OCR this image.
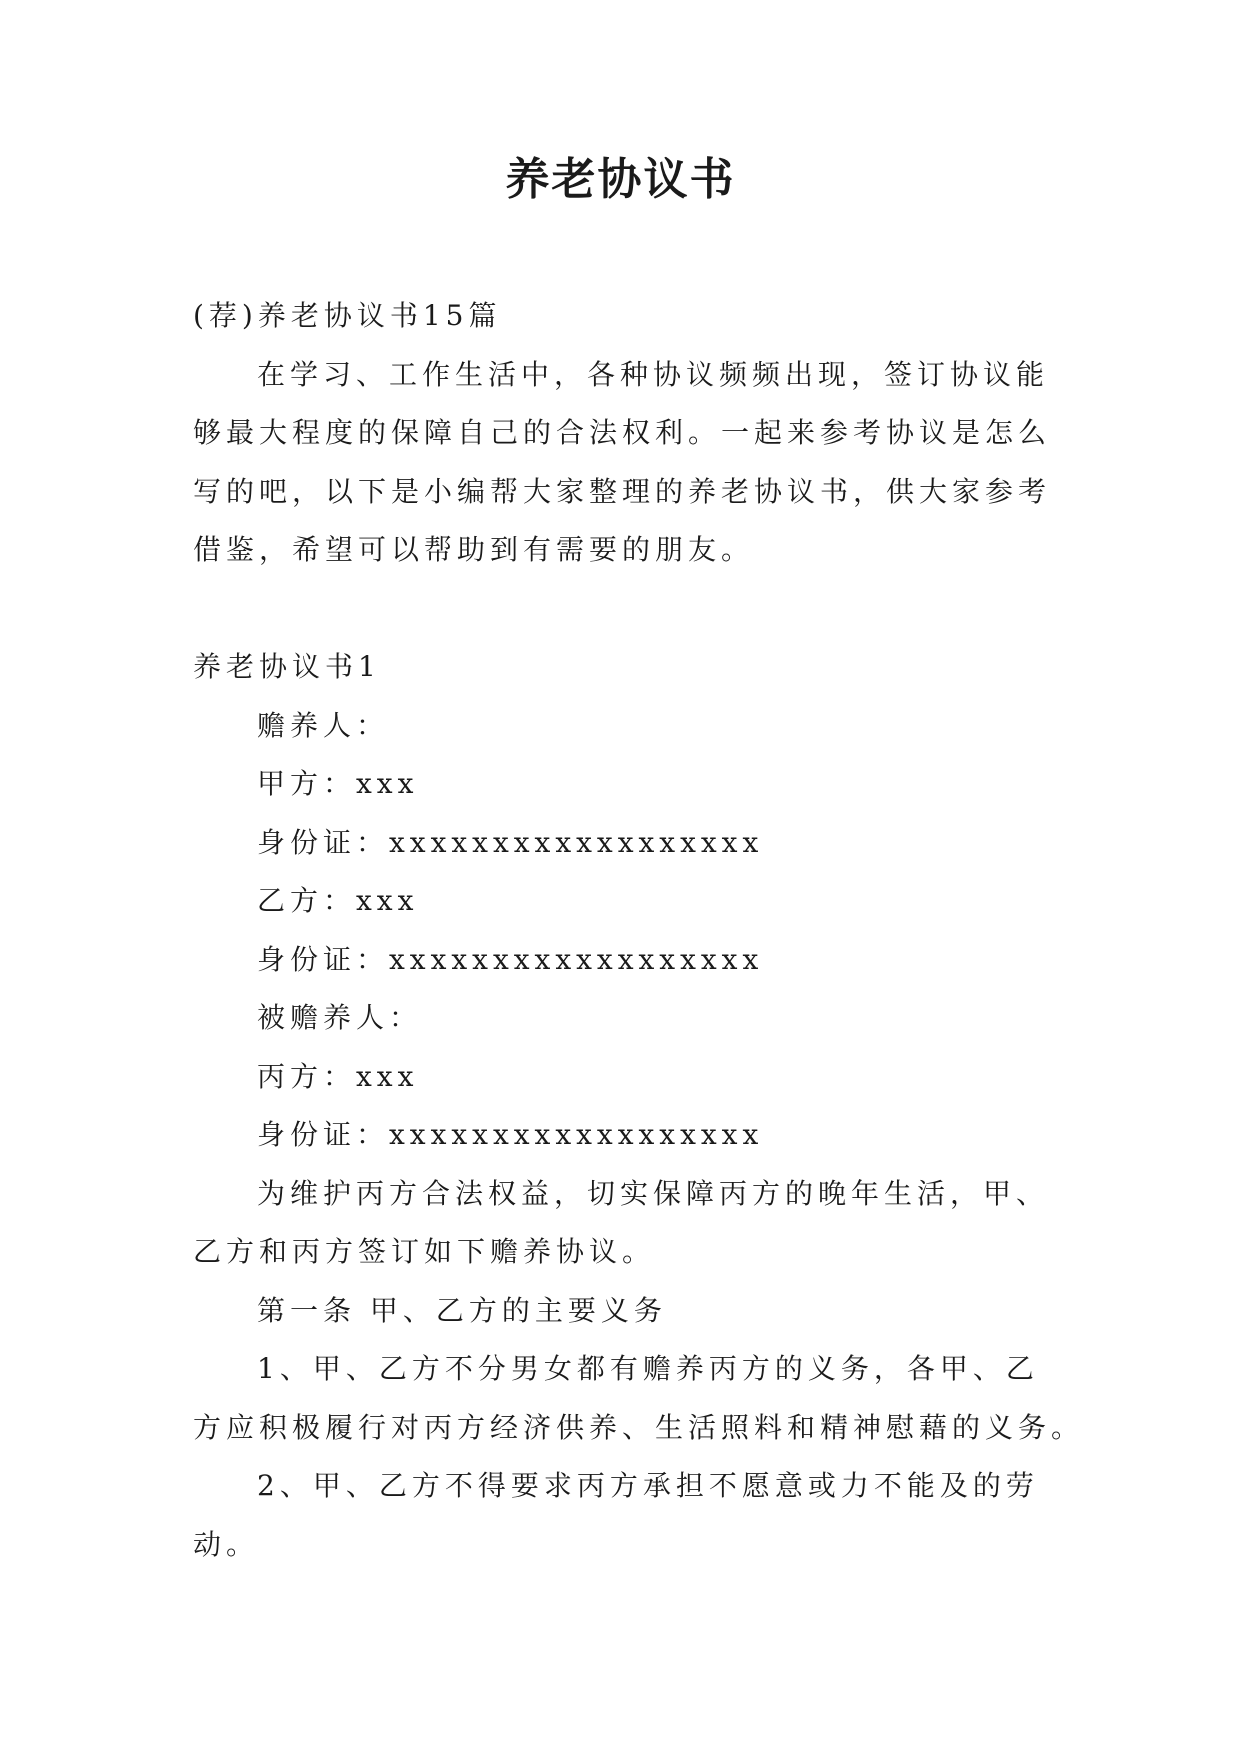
养老协议书
(荐)养老协议书15篇
在学习、工作生活中，各种协议频频出现，签订协议能
够最大程度的保障自己的合法权利。一起来参考协议是怎么
写的吧，以下是小编帮大家整理的养老协议书，供大家参考
借鉴，希望可以帮助到有需要的朋友。
养老协议书1
赡养人：
甲方：xxx
身份证：xxxxxxxxxxxxxxxxxx
乙方：xxx
身份证：xxxxxxxxxxxxxxxxxx
被赡养人：
丙方：xxx
身份证：xxxxxxxxxxxxxxxxxx
为维护丙方合法权益，切实保障丙方的晚年生活，甲、
乙方和丙方签订如下赡养协议。
第一条 甲、乙方的主要义务
1、甲、乙方不分男女都有赡养丙方的义务，各甲、乙
方应积极履行对丙方经济供养、生活照料和精神慰藉的义务。
2、甲、乙方不得要求丙方承担不愿意或力不能及的劳
动。
